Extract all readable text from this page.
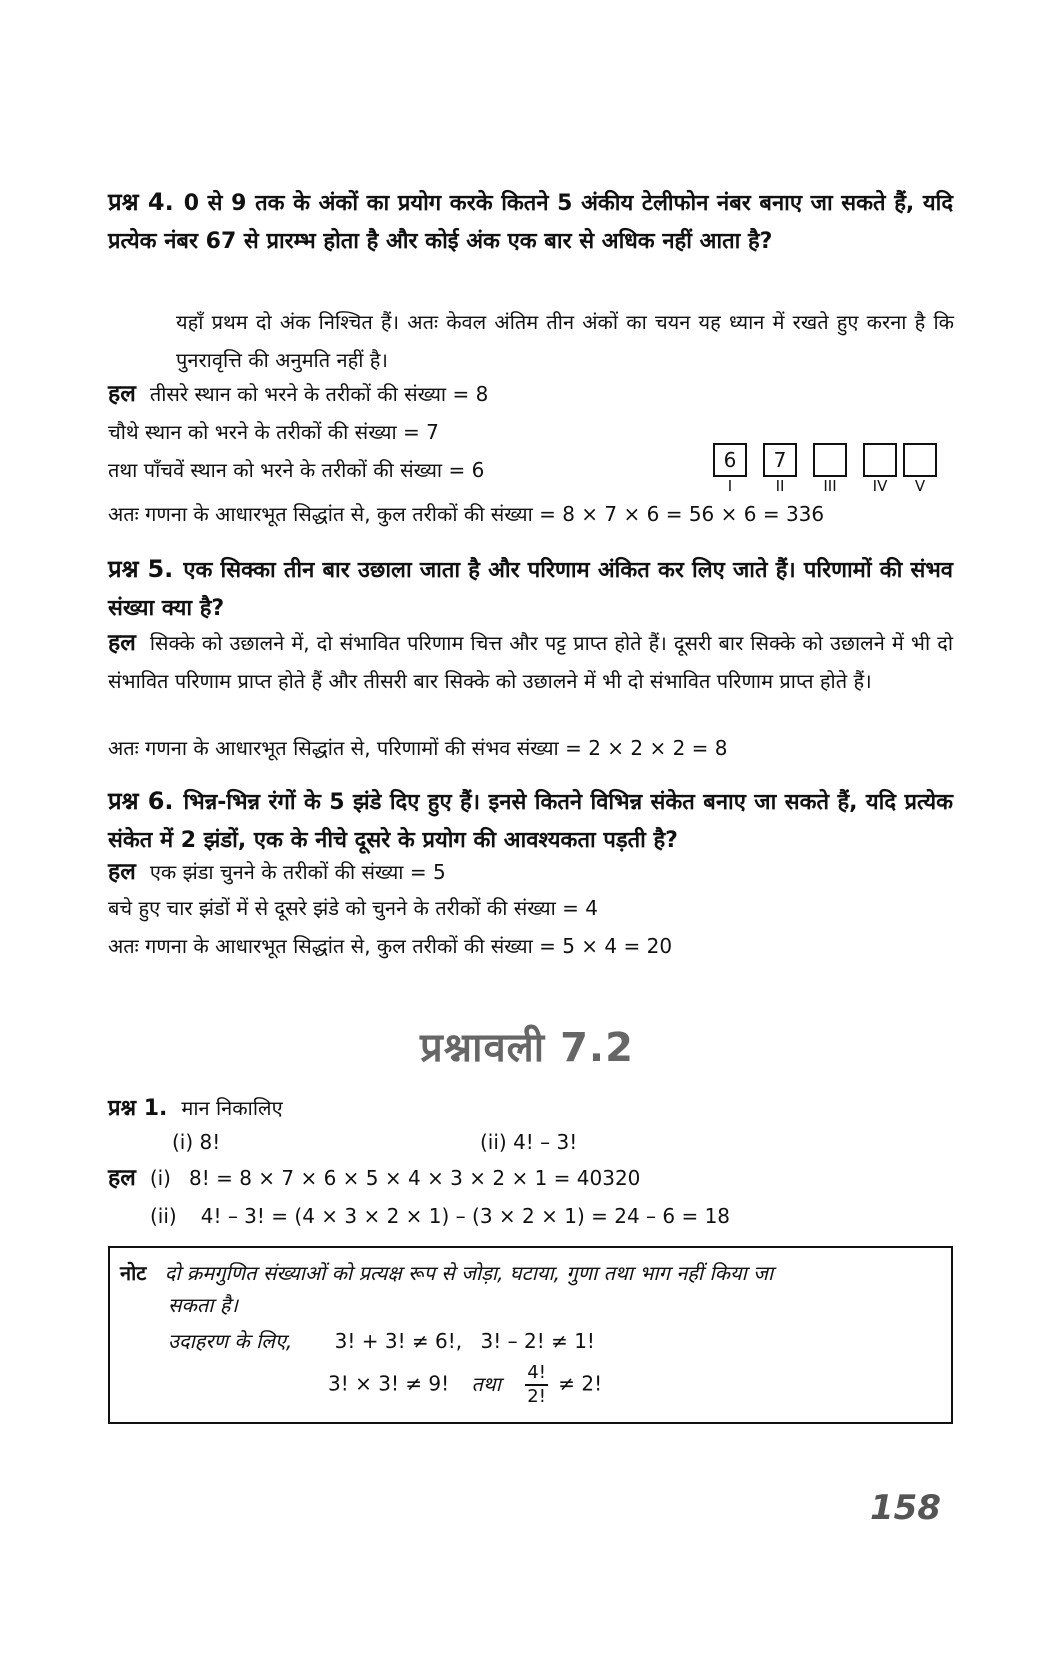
प्रश्न 4. 0 से 9 तक के अंकों का प्रयोग करके कितने 5 अंकीय टेलीफोन नंबर बनाए जा सकते हैं, यदि प्रत्येक नंबर 67 से प्रारम्भ होता है और कोई अंक एक बार से अधिक नहीं आता है?
यहाँ प्रथम दो अंक निश्चित हैं। अतः केवल अंतिम तीन अंकों का चयन यह ध्यान में रखते हुए करना है कि पुनरावृत्ति की अनुमति नहीं है।
हल तीसरे स्थान को भरने के तरीकों की संख्या = 8
चौथे स्थान को भरने के तरीकों की संख्या = 7
तथा पाँचवें स्थान को भरने के तरीकों की संख्या = 6	6	7
I	II	III	IV	V
अतः गणना के आधारभूत सिद्धांत से, कुल तरीकों की संख्या = 8 × 7 × 6 = 56 × 6 = 336
प्रश्न 5. एक सिक्का तीन बार उछाला जाता है और परिणाम अंकित कर लिए जाते हैं। परिणामों की संभव संख्या क्या है?
हल सिक्के को उछालने में, दो संभावित परिणाम चित्त और पट्ट प्राप्त होते हैं। दूसरी बार सिक्के को उछालने में भी दो संभावित परिणाम प्राप्त होते हैं और तीसरी बार सिक्के को उछालने में भी दो संभावित परिणाम प्राप्त होते हैं।
अतः गणना के आधारभूत सिद्धांत से, परिणामों की संभव संख्या = 2 × 2 × 2 = 8
प्रश्न 6. भिन्न-भिन्न रंगों के 5 झंडे दिए हुए हैं। इनसे कितने विभिन्न संकेत बनाए जा सकते हैं, यदि प्रत्येक संकेत में 2 झंडों, एक के नीचे दूसरे के प्रयोग की आवश्यकता पड़ती है?
हल एक झंडा चुनने के तरीकों की संख्या = 5
बचे हुए चार झंडों में से दूसरे झंडे को चुनने के तरीकों की संख्या = 4
अतः गणना के आधारभूत सिद्धांत से, कुल तरीकों की संख्या = 5 × 4 = 20
प्रश्नावली 7.2
प्रश्न 1. मान निकालिए
(i) 8!	(ii) 4! – 3!
हल (i) 8! = 8 × 7 × 6 × 5 × 4 × 3 × 2 × 1 = 40320
(ii) 4! – 3! = (4 × 3 × 2 × 1) – (3 × 2 × 1) = 24 – 6 = 18
नोट दो क्रमगुणित संख्याओं को प्रत्यक्ष रूप से जोड़ा, घटाया, गुणा तथा भाग नहीं किया जा
सकता है।
उदाहरण के लिए, 3! + 3! ≠ 6!, 3! – 2! ≠ 1!
3! × 3! ≠ 9! तथा $\frac{4!}{2!} \ne 2$!
158
